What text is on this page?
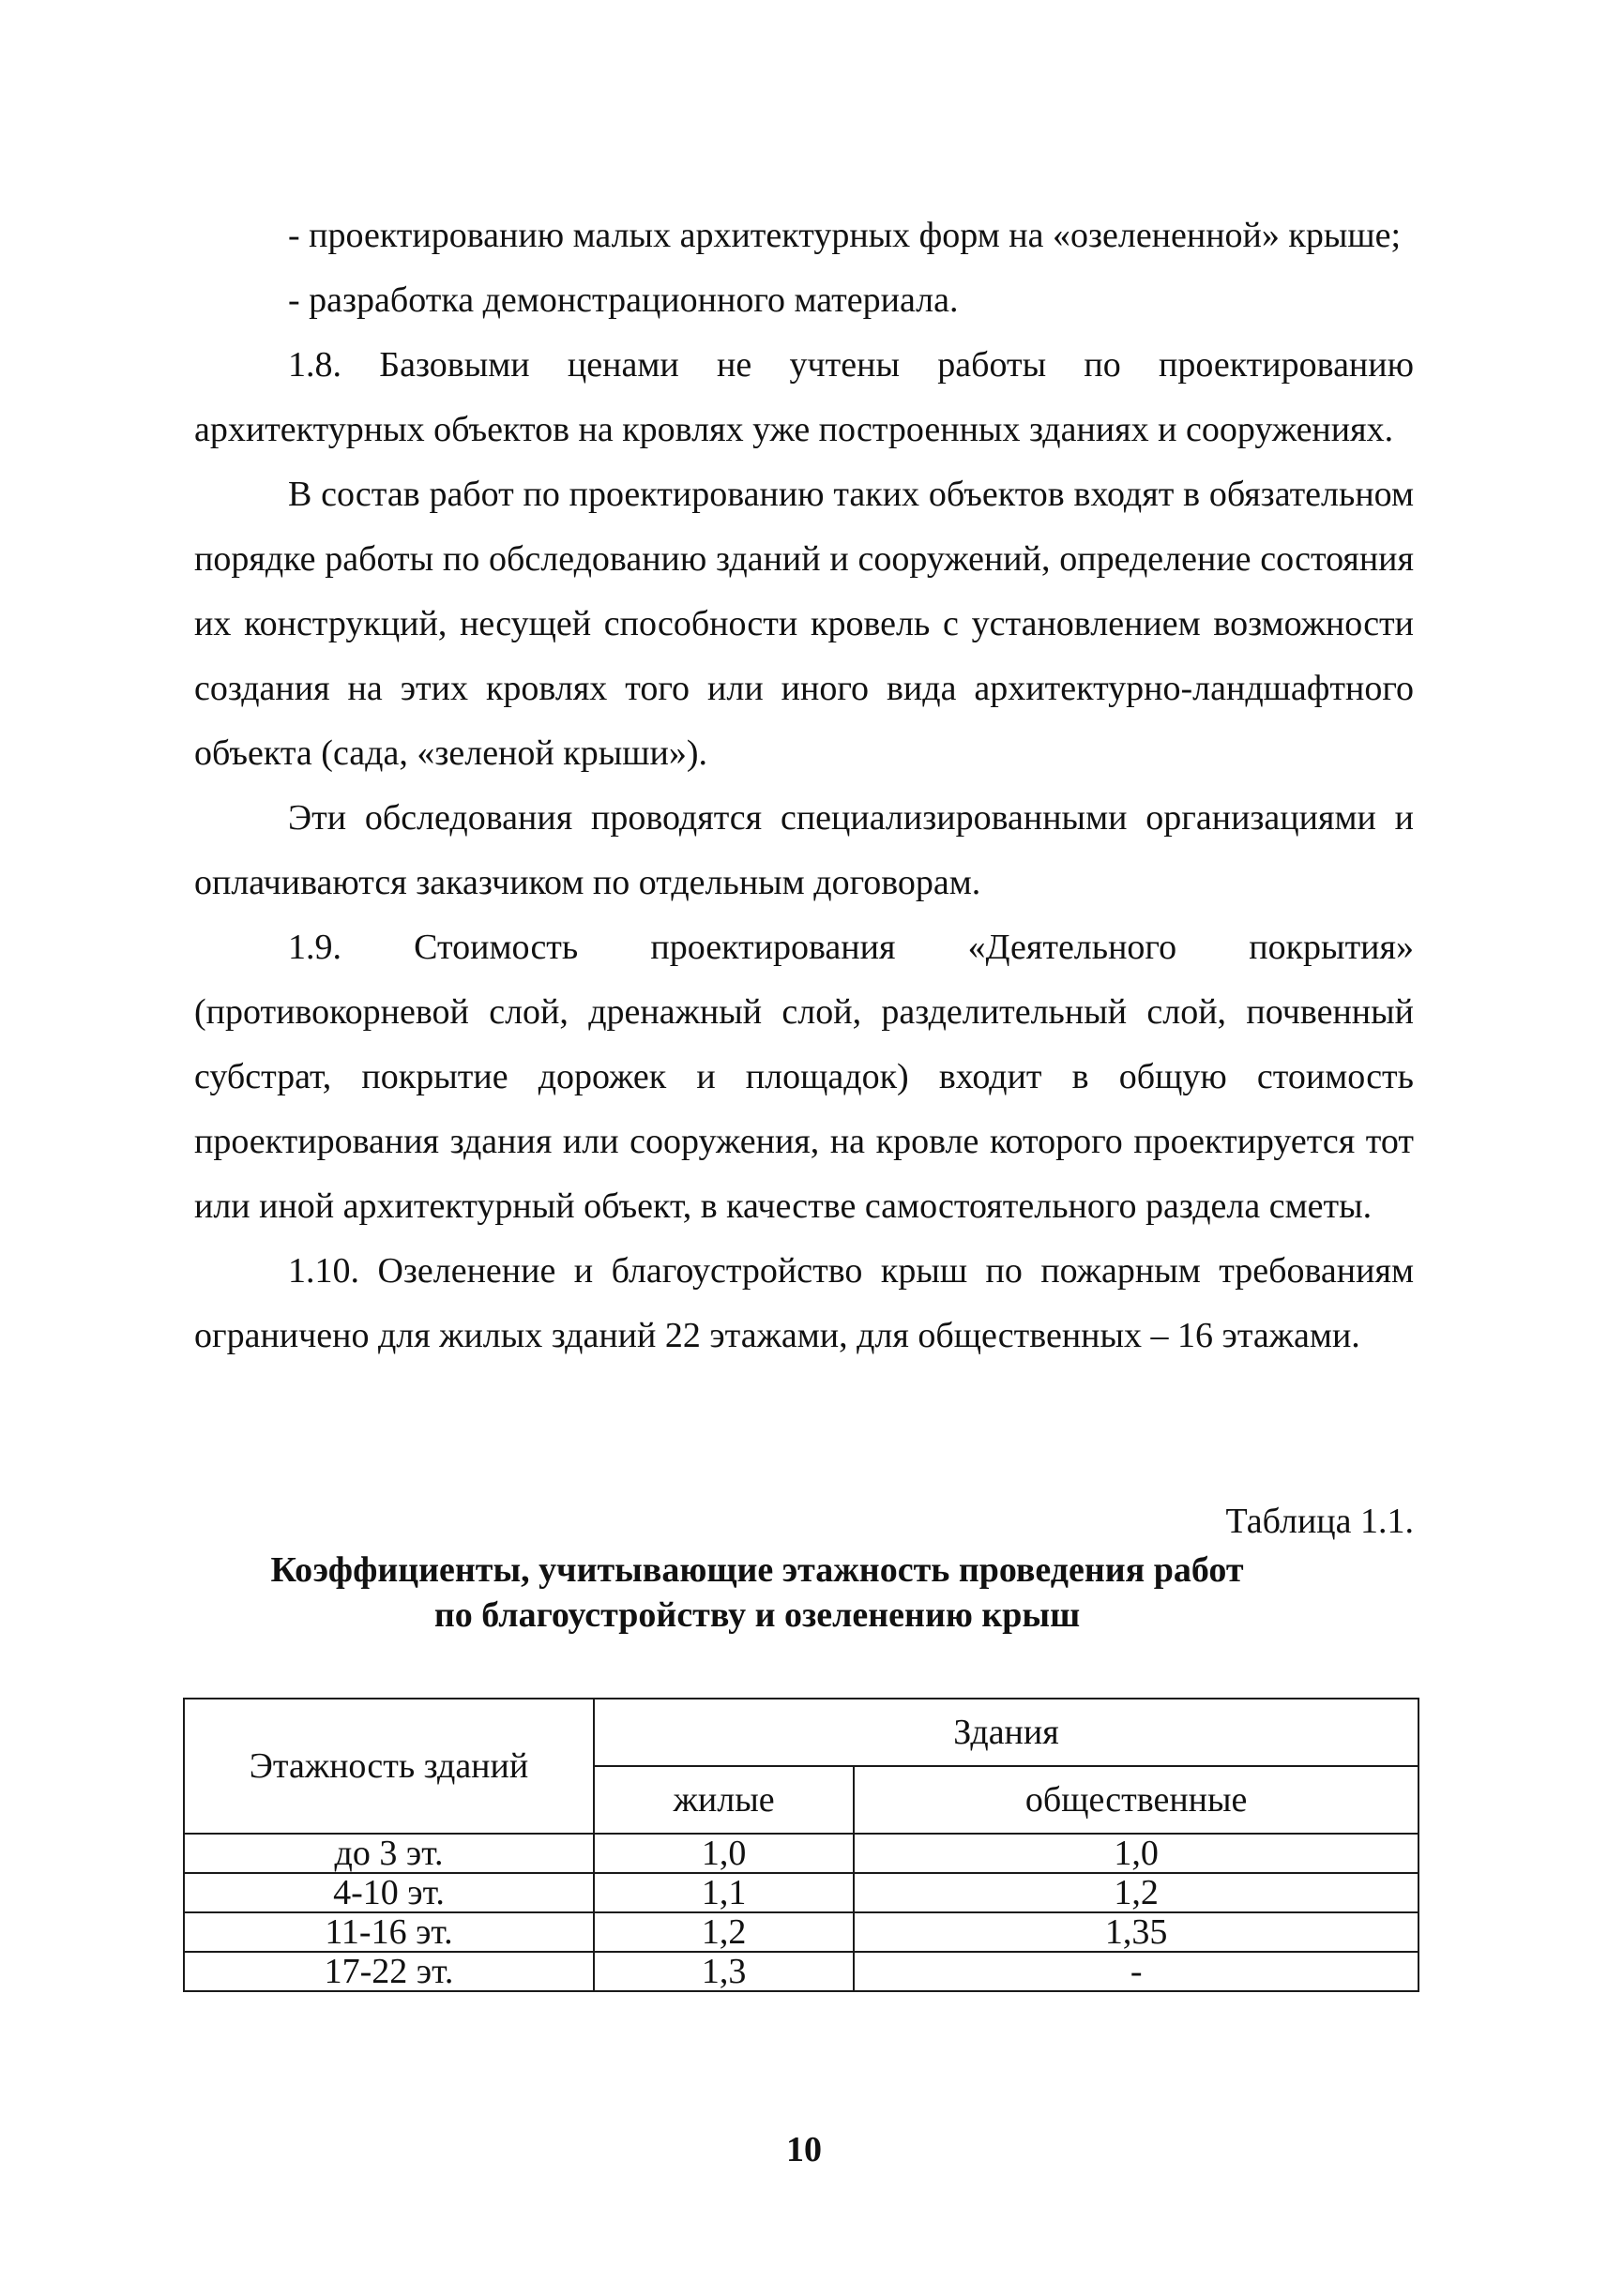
- проектированию малых архитектурных форм на «озелененной» крыше;

- разработка демонстрационного материала.

1.8. Базовыми ценами не учтены работы по проектированию архитектурных объектов на кровлях уже построенных зданиях и сооружениях.

В состав работ по проектированию таких объектов входят в обязательном порядке работы по обследованию зданий и сооружений, определение состояния их конструкций, несущей способности кровель с установлением возможности создания на этих кровлях того или иного вида архитектурно-ландшафтного объекта (сада, «зеленой крыши»).

Эти обследования проводятся специализированными организациями и оплачиваются заказчиком по отдельным договорам.

1.9. Стоимость проектирования «Деятельного покрытия» (противокорневой слой, дренажный слой, разделительный слой, почвенный субстрат, покрытие дорожек и площадок) входит в общую стоимость проектирования здания или сооружения, на кровле которого проектируется тот или иной архитектурный объект, в качестве самостоятельного раздела сметы.

1.10. Озеленение и благоустройство крыш по пожарным требованиям ограничено для жилых зданий 22 этажами, для общественных – 16 этажами.

Таблица 1.1.
Коэффициенты, учитывающие этажность проведения работ
по благоустройству и озеленению крыш
Этажность зданий	Здания	
	жилые	общественные
до 3 эт.	1,0	1,0
4-10 эт.	1,1	1,2
11-16 эт.	1,2	1,35
17-22 эт.	1,3	-
10
